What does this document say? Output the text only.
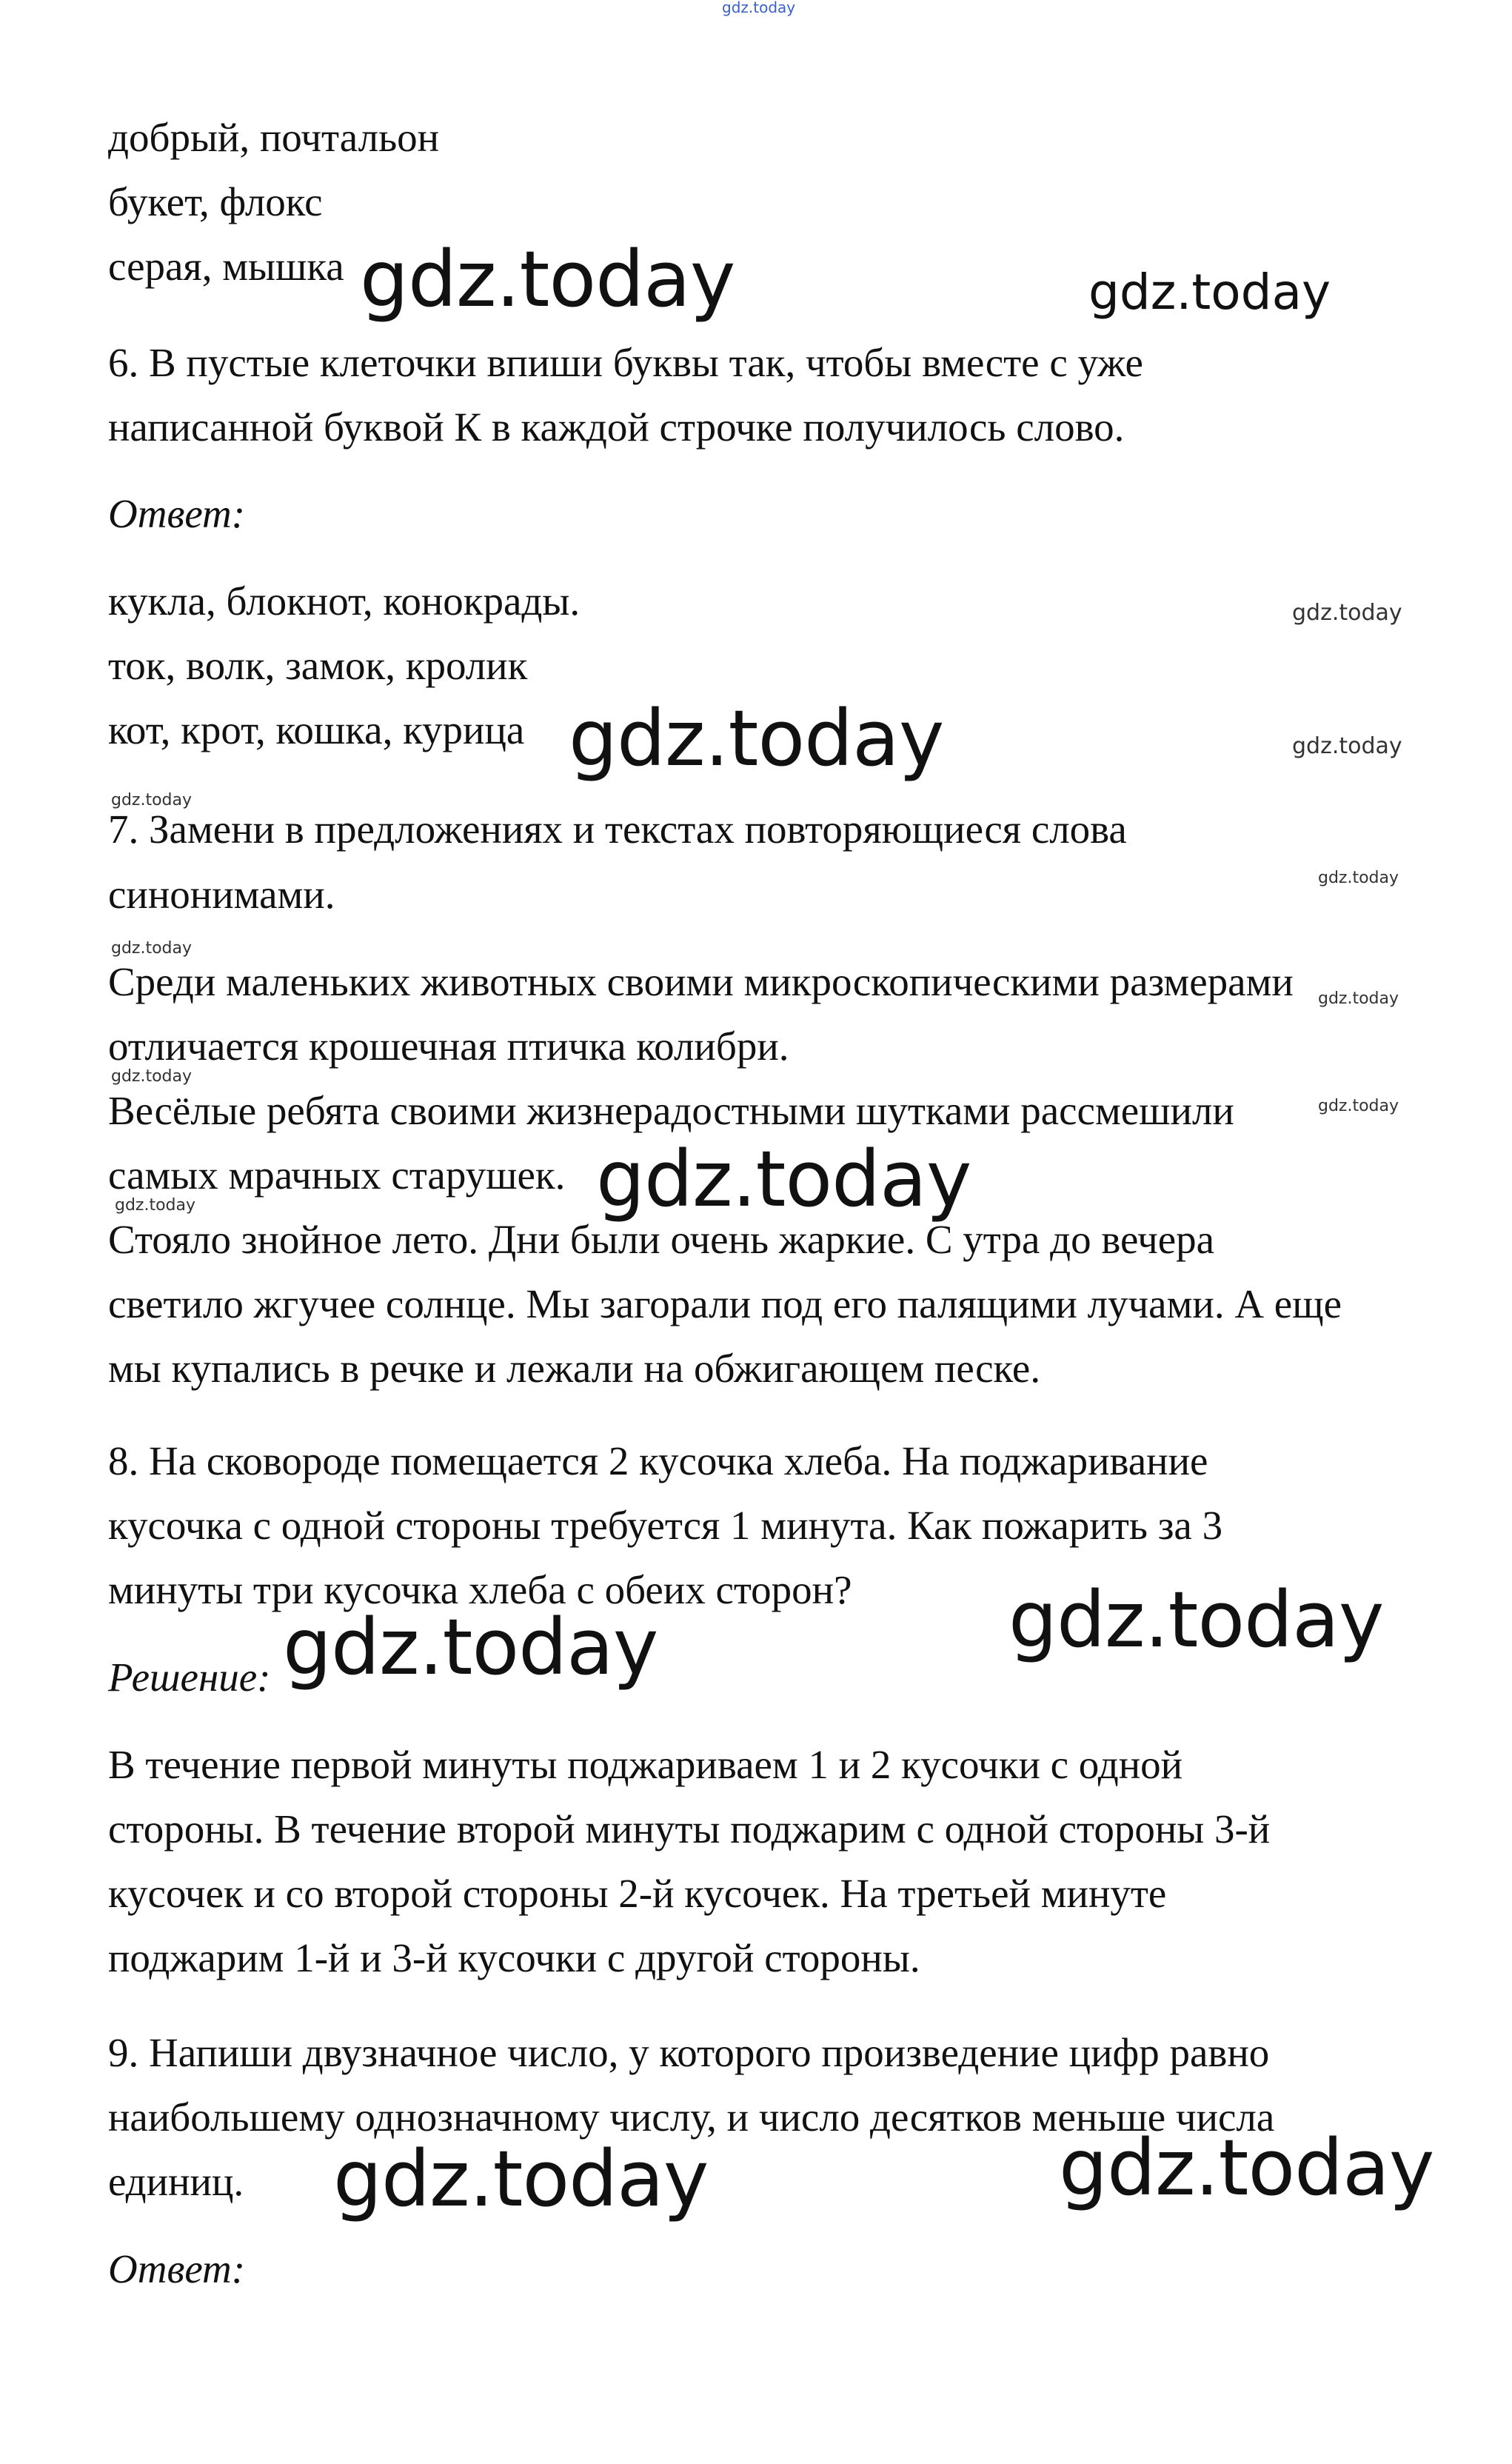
gdz.today

добрый, почтальон

букет, флокс

серая, мышка gdz.today	gdz.today

6. В пустые клеточки впиши буквы так, чтобы вместе с уже

написанной буквой К в каждой строчке получилось слово.

Ответ:

кукла, блокнот, конокрады.

ток, волк, замок, кролик

кот, крот, кошка, курица

gdz.today
gdz.today	gdz.today
gdz.today

7. Замени в предложениях и текстах повторяющиеся слова

синонимами.	gdz.today
gdz.today

Среди маленьких животных своими микроскопическими размерами gdz.today

отличается крошечная птичка колибри.

gdz.today

Весёлые ребята своими жизнерадостными шутками рассмешили	gdz.today

самых мрачных старушек. gdz.today
gdz.today

Стояло знойное лето. Дни были очень жаркие. С утра до вечера

светило жгучее солнце. Мы загорали под его палящими лучами. А еще

мы купались в речке и лежали на обжигающем песке.

8. На сковороде помещается 2 кусочка хлеба. На поджаривание

кусочка с одной стороны требуется 1 минута. Как пожарить за 3

минуты три кусочка хлеба с обеих сторон? gdz.today

Решение: gdz.today

В течение первой минуты поджариваем 1 и 2 кусочки с одной

стороны. В течение второй минуты поджарим с одной стороны 3-й

кусочек и со второй стороны 2-й кусочек. На третьей минуте

поджарим 1-й и 3-й кусочки с другой стороны.

9. Напиши двузначное число, у которого произведение цифр равно

наибольшему однозначному числу, и число десятков меньше числа

единиц. gdz.today	gdz.today

Ответ:
